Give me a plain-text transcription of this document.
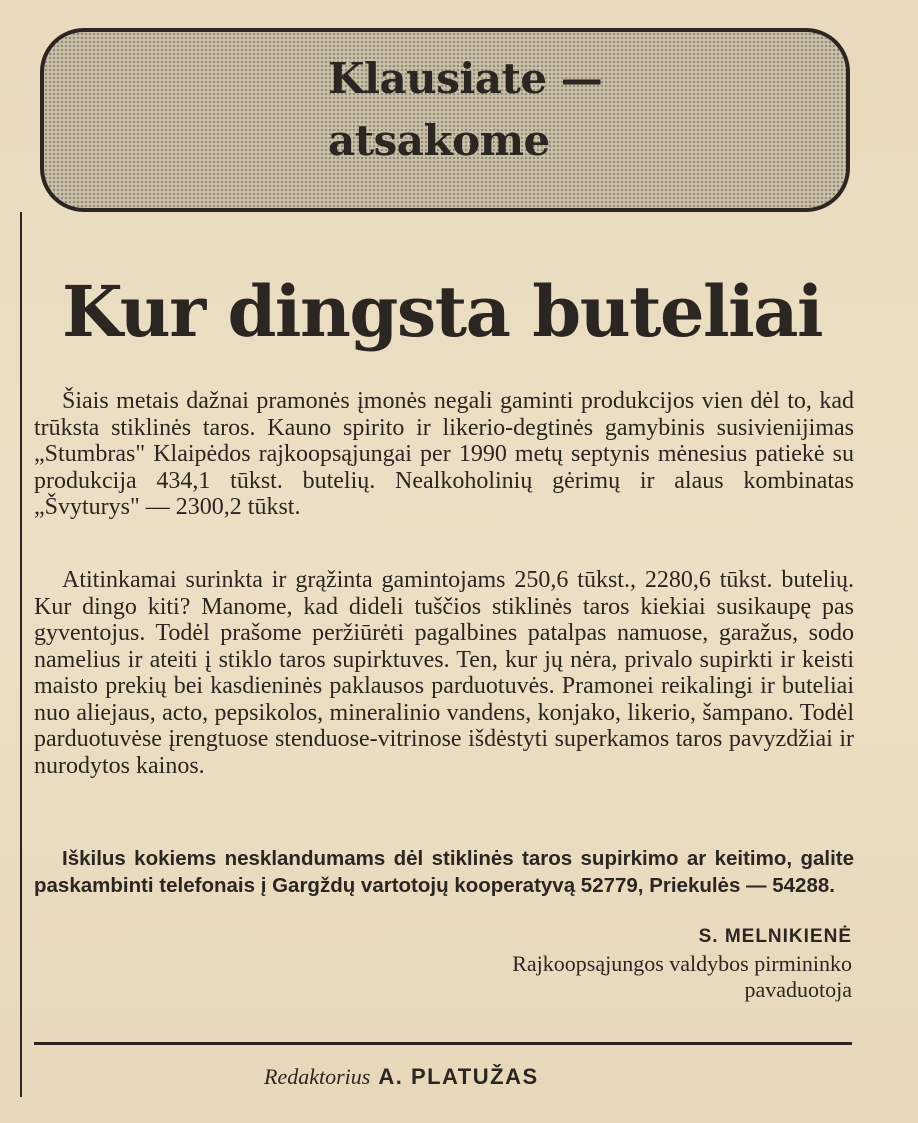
Klausiate —
atsakome
Kur dingsta buteliai

Šiais metais dažnai pramonės įmonės negali gaminti produkcijos vien dėl to, kad trūksta stiklinės taros. Kauno spirito ir likerio-degtinės gamybinis susivienijimas „Stumbras" Klaipėdos rajkoopsąjungai per 1990 metų septynis mėnesius patiekė su produkcija 434,1 tūkst. butelių. Nealkoholinių gėrimų ir alaus kombinatas „Švyturys" — 2300,2 tūkst.

Atitinkamai surinkta ir grąžinta gamintojams 250,6 tūkst., 2280,6 tūkst. butelių. Kur dingo kiti? Manome, kad dideli tuščios stiklinės taros kiekiai susikaupę pas gyventojus. Todėl prašome peržiūrėti pagalbines patalpas namuose, garažus, sodo namelius ir ateiti į stiklo taros supirktuves. Ten, kur jų nėra, privalo supirkti ir keisti maisto prekių bei kasdieninės paklausos parduotuvės. Pramonei reikalingi ir buteliai nuo aliejaus, acto, pepsikolos, mineralinio vandens, konjako, likerio, šampano. Todėl parduotuvėse įrengtuose stenduose-vitrinose išdėstyti superkamos taros pavyzdžiai ir nurodytos kainos.

Iškilus kokiems nesklandumams dėl stiklinės taros supirkimo ar keitimo, galite paskambinti telefonais į Gargždų vartotojų kooperatyvą 52779, Priekulės — 54288.

S. MELNIKIENĖ
Rajkoopsąjungos valdybos pirmininko
pavaduotoja
Redaktorius A. PLATUŽAS
